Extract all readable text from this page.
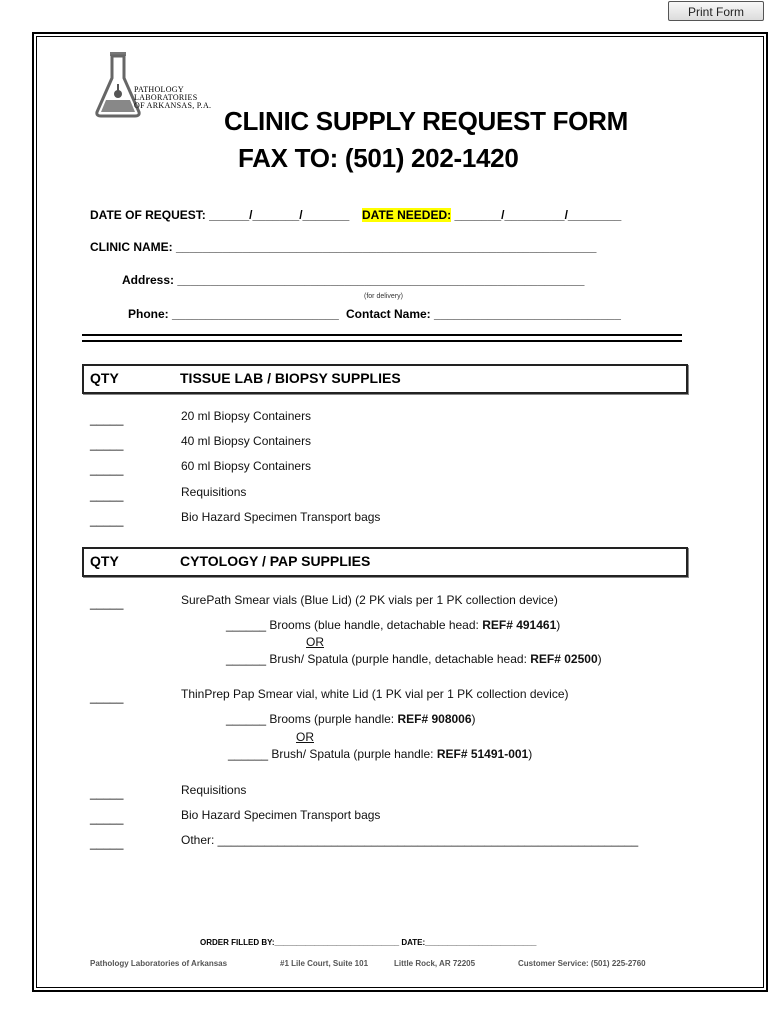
Print Form
PATHOLOGY
LABORATORIES
OF ARKANSAS, P.A.
CLINIC SUPPLY REQUEST FORM
FAX TO: (501) 202-1420
DATE OF REQUEST: ______/_______/_______ DATE NEEDED: _______/_________/________
CLINIC NAME: _______________________________________________________________
Address: _____________________________________________________________
(for delivery)
Phone: _________________________ Contact Name: ____________________________
QTY	TISSUE LAB / BIOPSY SUPPLIES
_____	20 ml Biopsy Containers
_____	40 ml Biopsy Containers
_____	60 ml Biopsy Containers
_____	Requisitions
_____	Bio Hazard Specimen Transport bags
QTY	CYTOLOGY / PAP SUPPLIES
_____	SurePath Smear vials (Blue Lid) (2 PK vials per 1 PK collection device)
______ Brooms (blue handle, detachable head: REF# 491461)
OR
______ Brush/ Spatula (purple handle, detachable head: REF# 02500)
_____	ThinPrep Pap Smear vial, white Lid (1 PK vial per 1 PK collection device)
______ Brooms (purple handle: REF# 908006)
OR
______ Brush/ Spatula (purple handle: REF# 51491-001)
_____	Requisitions
_____	Bio Hazard Specimen Transport bags
_____	Other: _______________________________________________________________
ORDER FILLED BY:____________________________ DATE:_________________________
Pathology Laboratories of Arkansas	#1 Lile Court, Suite 101	Little Rock, AR 72205	Customer Service: (501) 225-2760
